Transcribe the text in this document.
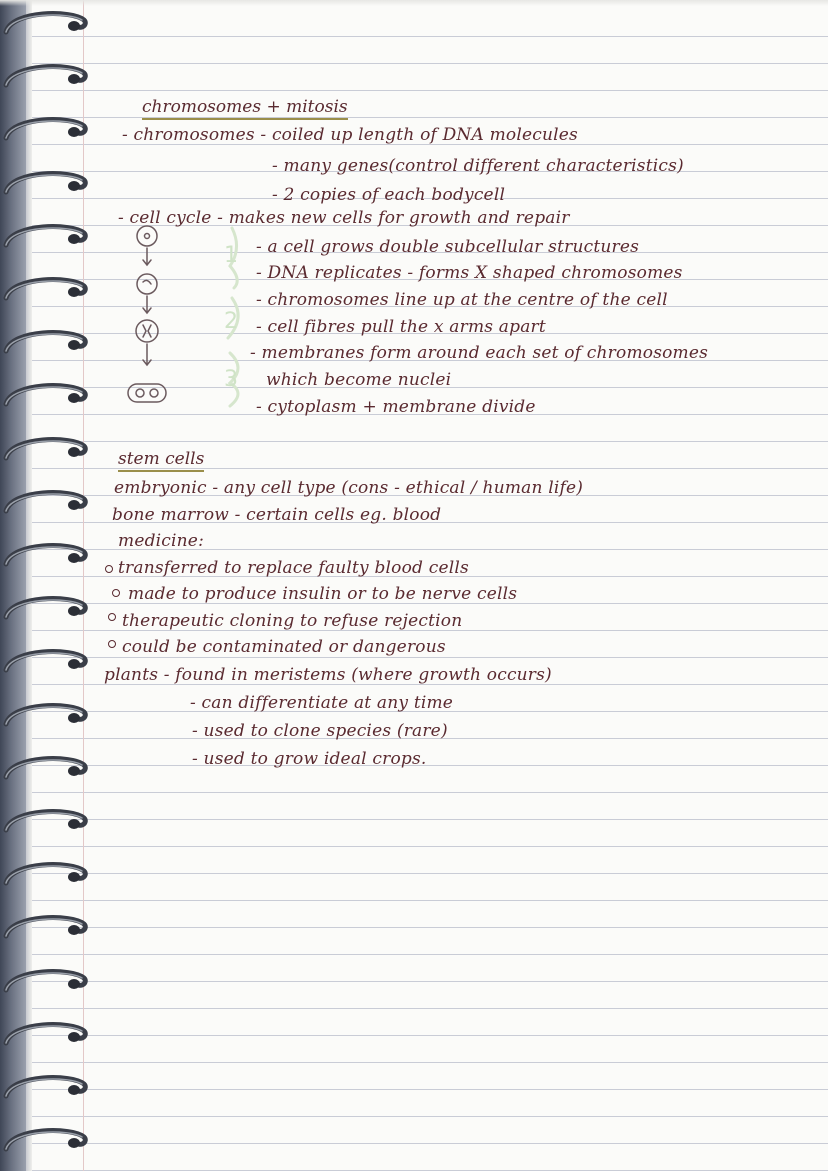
chromosomes + mitosis
- chromosomes - coiled up length of DNA molecules
- many genes(control different characteristics)
- 2 copies of each bodycell
- cell cycle - makes new cells for growth and repair
1
2
3
- a cell grows double subcellular structures
- DNA replicates - forms X shaped chromosomes
- chromosomes line up at the centre of the cell
- cell fibres pull the x arms apart
- membranes form around each set of chromosomes
which become nuclei
- cytoplasm + membrane divide
stem cells
embryonic - any cell type (cons - ethical / human life)
bone marrow - certain cells eg. blood
medicine:
transferred to replace faulty blood cells
made to produce insulin or to be nerve cells
therapeutic cloning to refuse rejection
could be contaminated or dangerous
plants - found in meristems (where growth occurs)
- can differentiate at any time
- used to clone species (rare)
- used to grow ideal crops.
